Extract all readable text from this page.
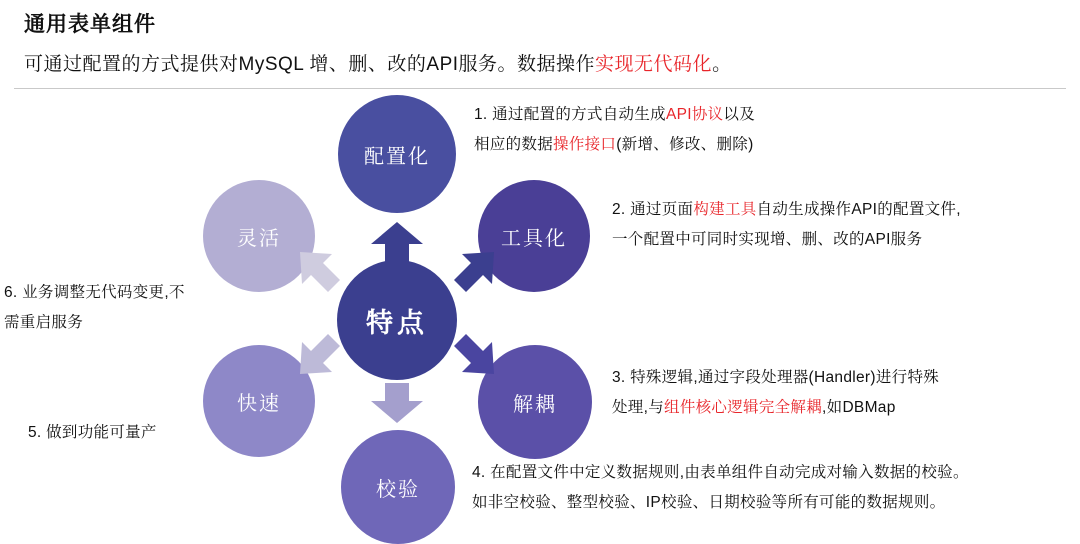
通用表单组件
可通过配置的方式提供对MySQL 增、删、改的API服务。数据操作实现无代码化。
特点
配置化
工具化
解耦
校验
快速
灵活
1. 通过配置的方式自动生成API协议以及
相应的数据操作接口(新增、修改、删除)
2. 通过页面构建工具自动生成操作API的配置文件,
一个配置中可同时实现增、删、改的API服务
3. 特殊逻辑,通过字段处理器(Handler)进行特殊
处理,与组件核心逻辑完全解耦,如DBMap
4. 在配置文件中定义数据规则,由表单组件自动完成对输入数据的校验。
如非空校验、整型校验、IP校验、日期校验等所有可能的数据规则。
5. 做到功能可量产
6. 业务调整无代码变更,不
需重启服务
